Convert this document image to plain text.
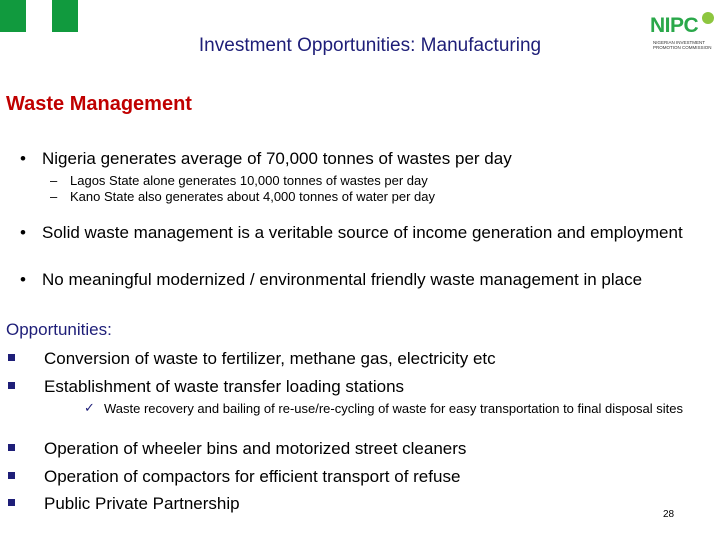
NIPC
NIGERIAN INVESTMENT PROMOTION COMMISSION
Investment Opportunities: Manufacturing
Waste Management
• Nigeria generates average of 70,000 tonnes of wastes per day
– Lagos State alone generates 10,000 tonnes of wastes per day
– Kano State also generates about 4,000 tonnes of water per day
• Solid waste management is a veritable source of income generation and employment
• No meaningful modernized / environmental friendly waste management in place
Opportunities:
Conversion of waste to fertilizer, methane gas, electricity etc
Establishment of waste transfer loading stations
✓ Waste recovery and bailing of re-use/re-cycling of waste for easy transportation to final disposal sites
Operation of wheeler bins and motorized street cleaners
Operation of compactors for efficient transport of refuse
Public Private Partnership
28
